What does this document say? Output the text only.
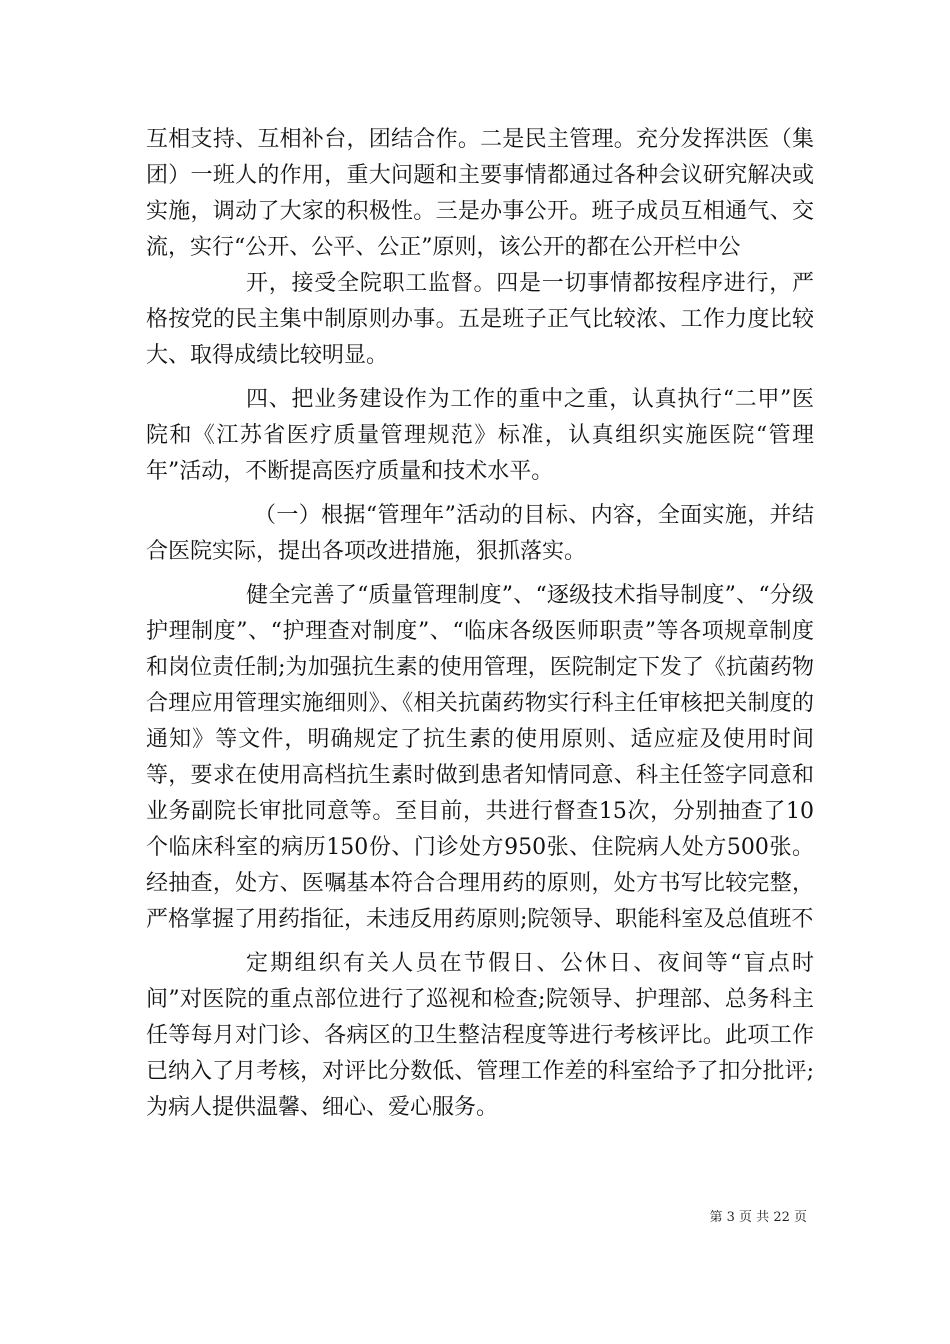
互相支持、互相补台，团结合作。二是民主管理。充分发挥洪医（集团）一班人的作用，重大问题和主要事情都通过各种会议研究解决或实施，调动了大家的积极性。三是办事公开。班子成员互相通气、交流，实行“公开、公平、公正”原则，该公开的都在公开栏中公

开，接受全院职工监督。四是一切事情都按程序进行，严格按党的民主集中制原则办事。五是班子正气比较浓、工作力度比较大、取得成绩比较明显。

四、把业务建设作为工作的重中之重，认真执行“二甲”医院和《江苏省医疗质量管理规范》标准，认真组织实施医院“管理年”活动，不断提高医疗质量和技术水平。

（一）根据“管理年”活动的目标、内容，全面实施，并结合医院实际，提出各项改进措施，狠抓落实。

健全完善了“质量管理制度”、“逐级技术指导制度”、“分级护理制度”、“护理查对制度”、“临床各级医师职责”等各项规章制度和岗位责任制;为加强抗生素的使用管理，医院制定下发了《抗菌药物合理应用管理实施细则》、《相关抗菌药物实行科主任审核把关制度的通知》等文件，明确规定了抗生素的使用原则、适应症及使用时间等，要求在使用高档抗生素时做到患者知情同意、科主任签字同意和业务副院长审批同意等。至目前，共进行督查15次，分别抽查了10个临床科室的病历150份、门诊处方950张、住院病人处方500张。经抽查，处方、医嘱基本符合合理用药的原则，处方书写比较完整，严格掌握了用药指征，未违反用药原则;院领导、职能科室及总值班不

定期组织有关人员在节假日、公休日、夜间等“盲点时间”对医院的重点部位进行了巡视和检查;院领导、护理部、总务科主任等每月对门诊、各病区的卫生整洁程度等进行考核评比。此项工作已纳入了月考核，对评比分数低、管理工作差的科室给予了扣分批评;为病人提供温馨、细心、爱心服务。

第 3 页 共 22 页
